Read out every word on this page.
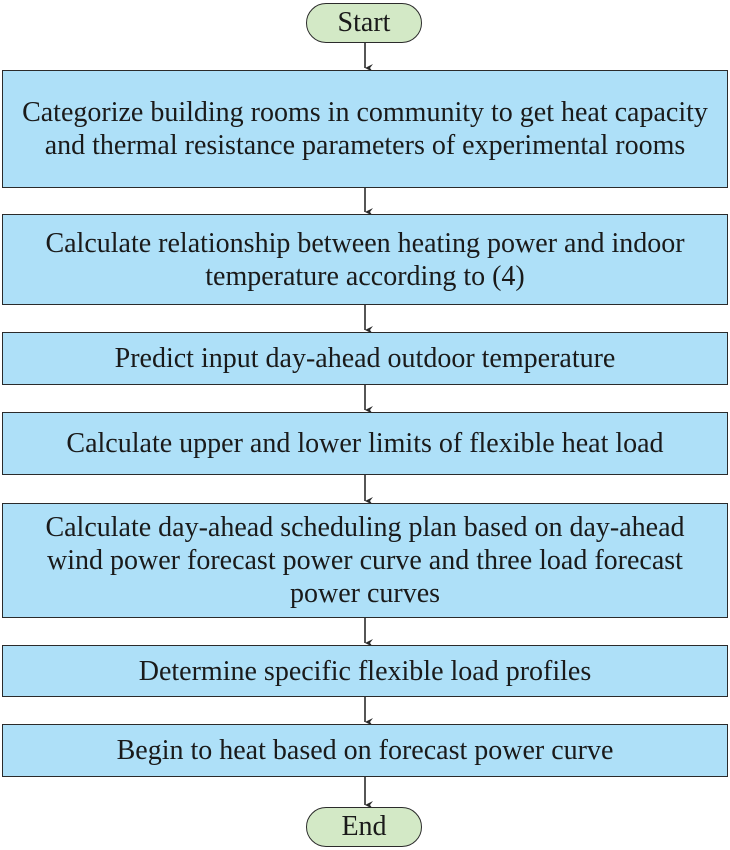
Start
Categorize building rooms in community to get heat capacity and thermal resistance parameters of experimental rooms
Calculate relationship between heating power and indoor temperature according to (4)
Predict input day-ahead outdoor temperature
Calculate upper and lower limits of flexible heat load
Calculate day-ahead scheduling plan based on day-ahead wind power forecast power curve and three load forecast power curves
Determine specific flexible load profiles
Begin to heat based on forecast power curve
End
